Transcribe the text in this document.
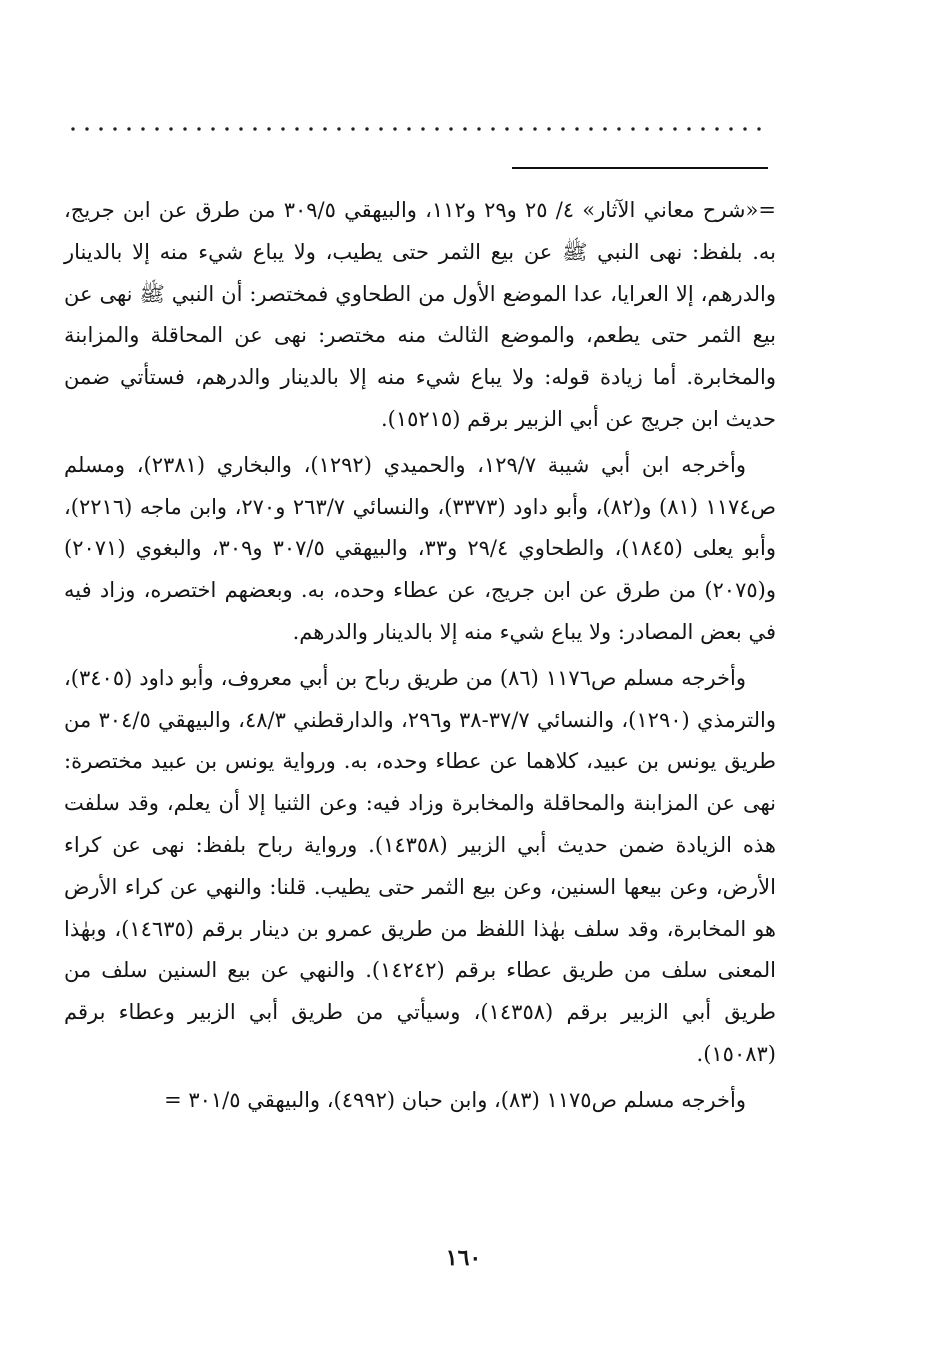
=«شرح معاني الآثار» ٤/ ٢٥ و٢٩ و١١٢، والبيهقي ٣٠٩/٥ من طرق عن ابن جريج، به. بلفظ: نهى النبي ﷺ عن بيع الثمر حتى يطيب، ولا يباع شيء منه إلا بالدينار والدرهم، إلا العرايا، عدا الموضع الأول من الطحاوي فمختصر: أن النبي ﷺ نهى عن بيع الثمر حتى يطعم، والموضع الثالث منه مختصر: نهى عن المحاقلة والمزابنة والمخابرة. أما زيادة قوله: ولا يباع شيء منه إلا بالدينار والدرهم، فستأتي ضمن حديث ابن جريج عن أبي الزبير برقم (١٥٢١٥).

وأخرجه ابن أبي شيبة ١٢٩/٧، والحميدي (١٢٩٢)، والبخاري (٢٣٨١)، ومسلم ص١١٧٤ (٨١) و(٨٢)، وأبو داود (٣٣٧٣)، والنسائي ٢٦٣/٧ و٢٧٠، وابن ماجه (٢٢١٦)، وأبو يعلى (١٨٤٥)، والطحاوي ٢٩/٤ و٣٣، والبيهقي ٣٠٧/٥ و٣٠٩، والبغوي (٢٠٧١) و(٢٠٧٥) من طرق عن ابن جريج، عن عطاء وحده، به. وبعضهم اختصره، وزاد فيه في بعض المصادر: ولا يباع شيء منه إلا بالدينار والدرهم.

وأخرجه مسلم ص١١٧٦ (٨٦) من طريق رباح بن أبي معروف، وأبو داود (٣٤٠٥)، والترمذي (١٢٩٠)، والنسائي ٣٧/٧-٣٨ و٢٩٦، والدارقطني ٤٨/٣، والبيهقي ٣٠٤/٥ من طريق يونس بن عبيد، كلاهما عن عطاء وحده، به. ورواية يونس بن عبيد مختصرة: نهى عن المزابنة والمحاقلة والمخابرة وزاد فيه: وعن الثنيا إلا أن يعلم، وقد سلفت هذه الزيادة ضمن حديث أبي الزبير (١٤٣٥٨). ورواية رباح بلفظ: نهى عن كراء الأرض، وعن بيعها السنين، وعن بيع الثمر حتى يطيب. قلنا: والنهي عن كراء الأرض هو المخابرة، وقد سلف بهٰذا اللفظ من طريق عمرو بن دينار برقم (١٤٦٣٥)، وبهٰذا المعنى سلف من طريق عطاء برقم (١٤٢٤٢). والنهي عن بيع السنين سلف من طريق أبي الزبير برقم (١٤٣٥٨)، وسيأتي من طريق أبي الزبير وعطاء برقم (١٥٠٨٣).

وأخرجه مسلم ص١١٧٥ (٨٣)، وابن حبان (٤٩٩٢)، والبيهقي ٣٠١/٥ =

١٦٠
